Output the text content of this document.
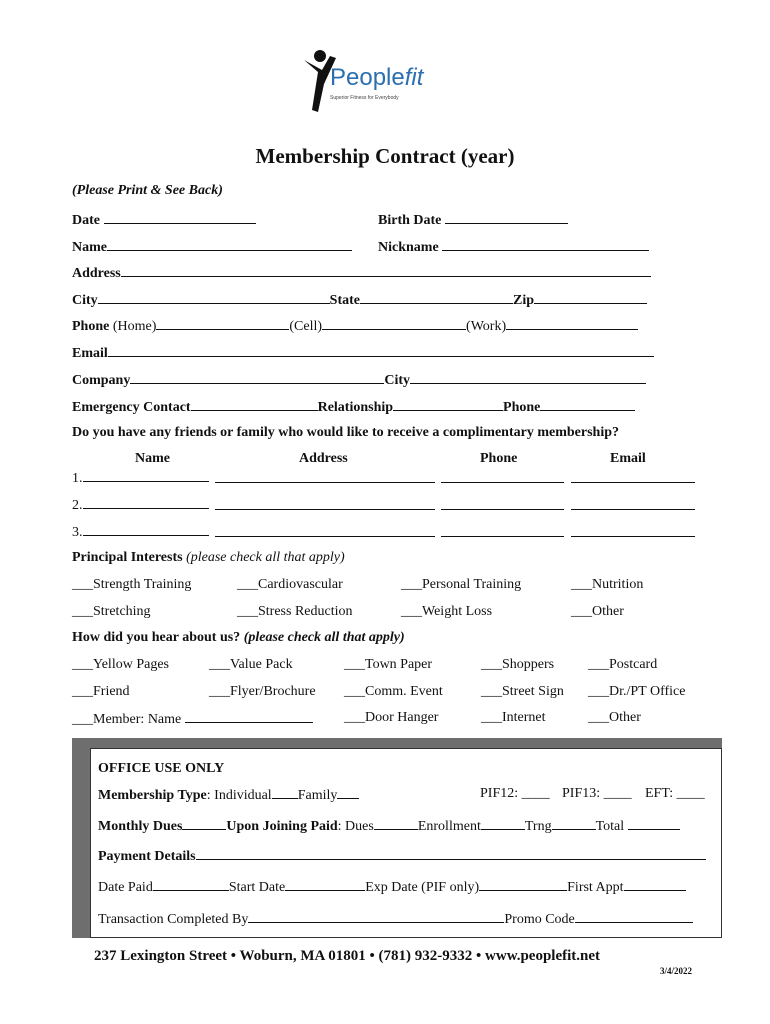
Peoplefit
Superior Fitness for Everybody
Membership Contract (year)
(Please Print & See Back)
Date	Birth Date
Name	Nickname
Address
City	State	Zip
Phone (Home)	(Cell)	(Work)
Email
Company	City
Emergency Contact	Relationship	Phone
Do you have any friends or family who would like to receive a complimentary membership?
Name	Address	Phone	Email
1.
2.
3.
Principal Interests (please check all that apply)
___Strength Training	___Cardiovascular	___Personal Training	___Nutrition
___Stretching	___Stress Reduction	___Weight Loss	___Other
How did you hear about us? (please check all that apply)
___Yellow Pages	___Value Pack	___Town Paper	___Shoppers ___Postcard
___Friend	___Flyer/Brochure ___Comm. Event	___Street Sign ___Dr./PT Office
___Member: Name	___Door Hanger	___Internet	___Other
OFFICE USE ONLY
Membership Type: Individual Family	PIF12: ____ PIF13: ____ EFT: ____
Monthly Dues	Upon Joining Paid: Dues	Enrollment	Trng	Total
Payment Details
Date Paid	Start Date	Exp Date (PIF only)	First Appt
Transaction Completed By	Promo Code
237 Lexington Street • Woburn, MA 01801 • (781) 932-9332 • www.peoplefit.net
3/4/2022
